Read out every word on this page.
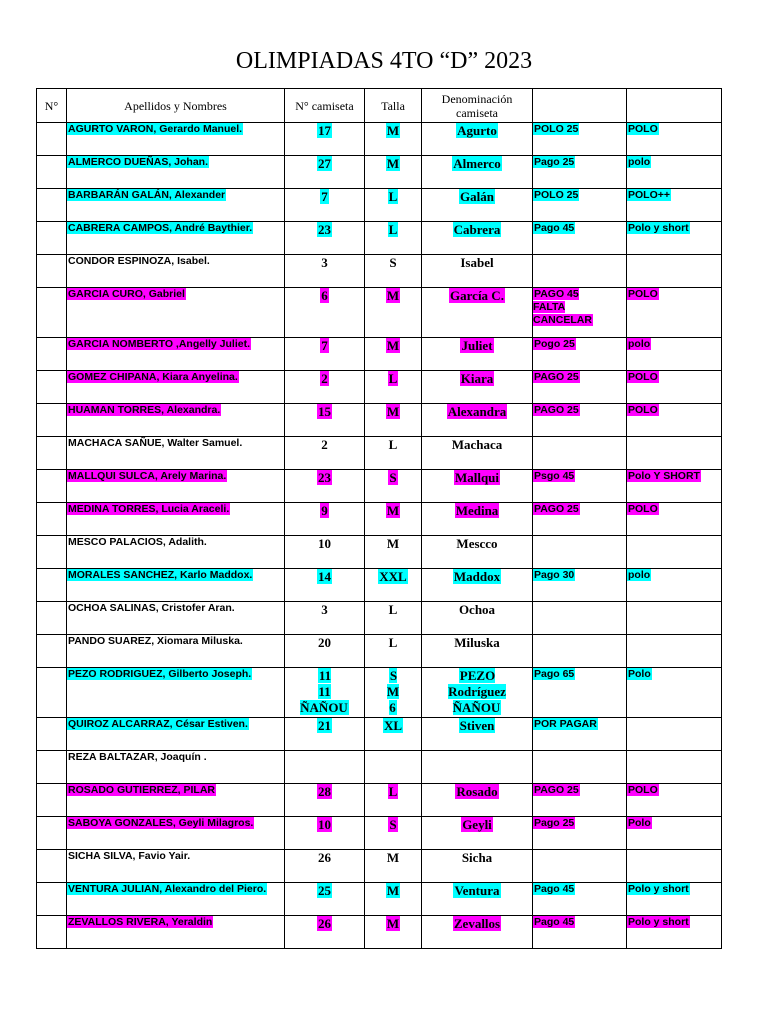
OLIMPIADAS 4TO “D” 2023
N°	Apellidos y Nombres	N° camiseta	Talla	Denominación camiseta		
	AGURTO VARON, Gerardo Manuel.	17	M	Agurto	POLO 25	POLO
	ALMERCO DUEÑAS, Johan.	27	M	Almerco	Pago 25	polo
	BARBARÁN GALÁN, Alexander	7	L	Galán	POLO 25	POLO++
	CABRERA CAMPOS, André Baythier.	23	L	Cabrera	Pago 45	Polo y short
	CONDOR ESPINOZA, Isabel.	3	S	Isabel		
	GARCIA CURO, Gabriel	6	M	García C.	PAGO 45
FALTA
CANCELAR	POLO
	GARCIA NOMBERTO ,Angelly Juliet.	7	M	Juliet	Pogo 25	polo
	GOMEZ CHIPANA, Kiara Anyelina.	2	L	Kiara	PAGO 25	POLO
	HUAMAN TORRES, Alexandra.	15	M	Alexandra	PAGO 25	POLO
	MACHACA SAÑUE, Walter Samuel.	2	L	Machaca		
	MALLQUI SULCA, Arely Marina.	23	S	Mallqui	Psgo 45	Polo Y SHORT
	MEDINA TORRES, Lucia Araceli.	9	M	Medina	PAGO 25	POLO
	MESCO PALACIOS, Adalith.	10	M	Mescco		
	MORALES SANCHEZ, Karlo Maddox.	14	XXL	Maddox	Pago 30	polo
	OCHOA SALINAS, Cristofer Aran.	3	L	Ochoa		
	PANDO SUAREZ, Xiomara Miluska.	20	L	Miluska		
	PEZO RODRIGUEZ, Gilberto Joseph.	11
11
ÑAÑOU	S
M
6	PEZO
Rodríguez
ÑAÑOU	Pago 65	Polo
	QUIROZ ALCARRAZ, César Estiven.	21	XL	Stiven	POR PAGAR	
	REZA BALTAZAR, Joaquín .					
	ROSADO GUTIERREZ, PILAR	28	L	Rosado	PAGO 25	POLO
	SABOYA GONZALES, Geyli Milagros.	10	S	Geyli	Pago 25	Polo
	SICHA SILVA, Favio Yair.	26	M	Sicha		
	VENTURA JULIAN, Alexandro del Piero.	25	M	Ventura	Pago 45	Polo y short
	ZEVALLOS RIVERA, Yeraldin	26	M	Zevallos	Pago 45	Polo y short
